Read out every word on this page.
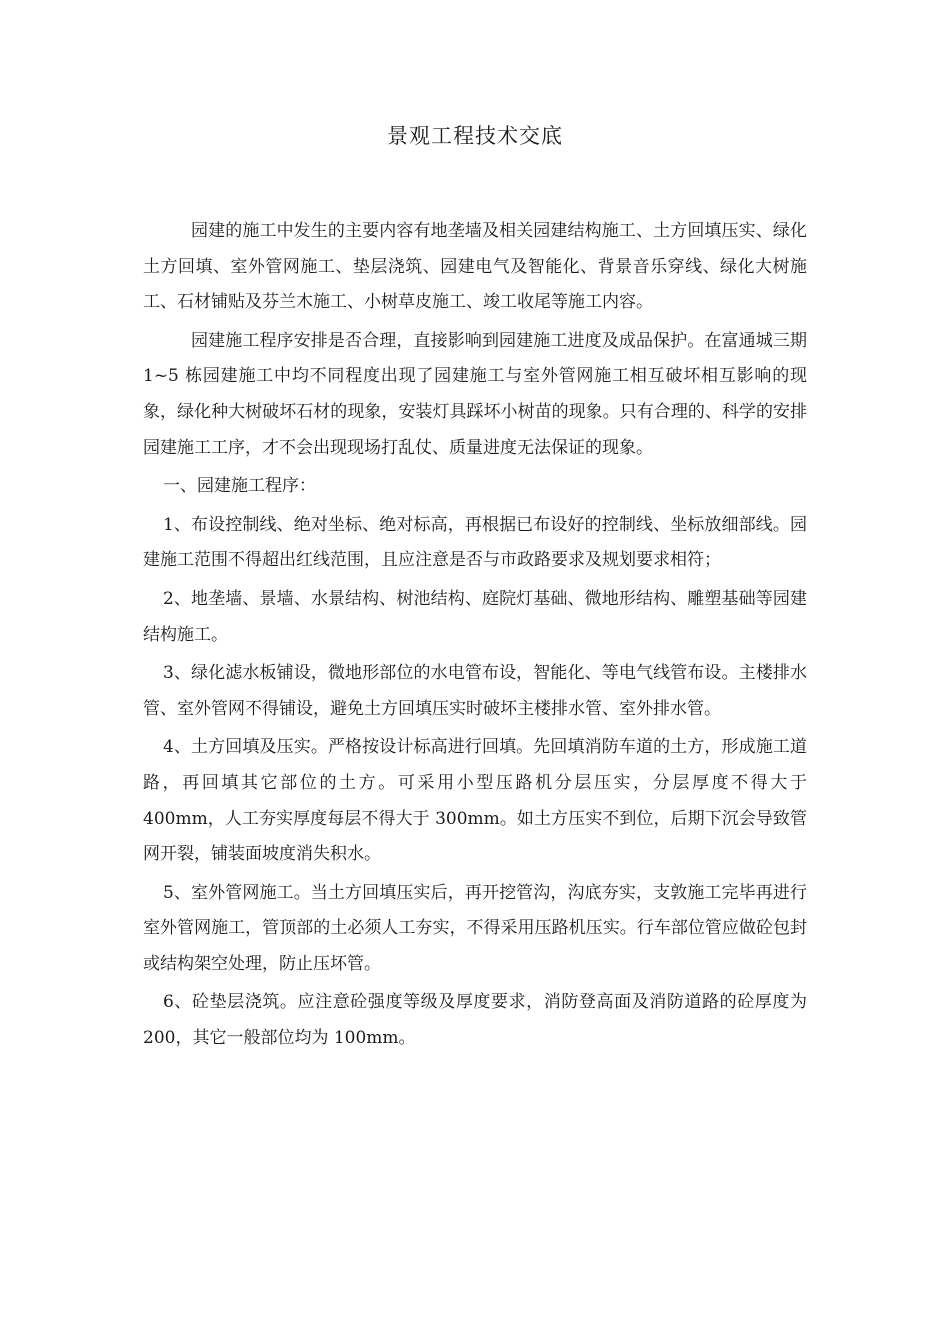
景观工程技术交底

园建的施工中发生的主要内容有地垄墙及相关园建结构施工、土方回填压实、绿化土方回填、室外管网施工、垫层浇筑、园建电气及智能化、背景音乐穿线、绿化大树施工、石材铺贴及芬兰木施工、小树草皮施工、竣工收尾等施工内容。

园建施工程序安排是否合理，直接影响到园建施工进度及成品保护。在富通城三期 1~5 栋园建施工中均不同程度出现了园建施工与室外管网施工相互破坏相互影响的现象，绿化种大树破坏石材的现象，安装灯具踩坏小树苗的现象。只有合理的、科学的安排园建施工工序，才不会出现现场打乱仗、质量进度无法保证的现象。

一、园建施工程序：

1、布设控制线、绝对坐标、绝对标高，再根据已布设好的控制线、坐标放细部线。园建施工范围不得超出红线范围，且应注意是否与市政路要求及规划要求相符；

2、地垄墙、景墙、水景结构、树池结构、庭院灯基础、微地形结构、雕塑基础等园建结构施工。

3、绿化滤水板铺设，微地形部位的水电管布设，智能化、等电气线管布设。主楼排水管、室外管网不得铺设，避免土方回填压实时破坏主楼排水管、室外排水管。

4、土方回填及压实。严格按设计标高进行回填。先回填消防车道的土方，形成施工道路，再回填其它部位的土方。可采用小型压路机分层压实，分层厚度不得大于 400mm，人工夯实厚度每层不得大于 300mm。如土方压实不到位，后期下沉会导致管网开裂，铺装面坡度消失积水。

5、室外管网施工。当土方回填压实后，再开挖管沟，沟底夯实，支敦施工完毕再进行室外管网施工，管顶部的土必须人工夯实，不得采用压路机压实。行车部位管应做砼包封或结构架空处理，防止压坏管。

6、砼垫层浇筑。应注意砼强度等级及厚度要求，消防登高面及消防道路的砼厚度为 200，其它一般部位均为 100mm。
